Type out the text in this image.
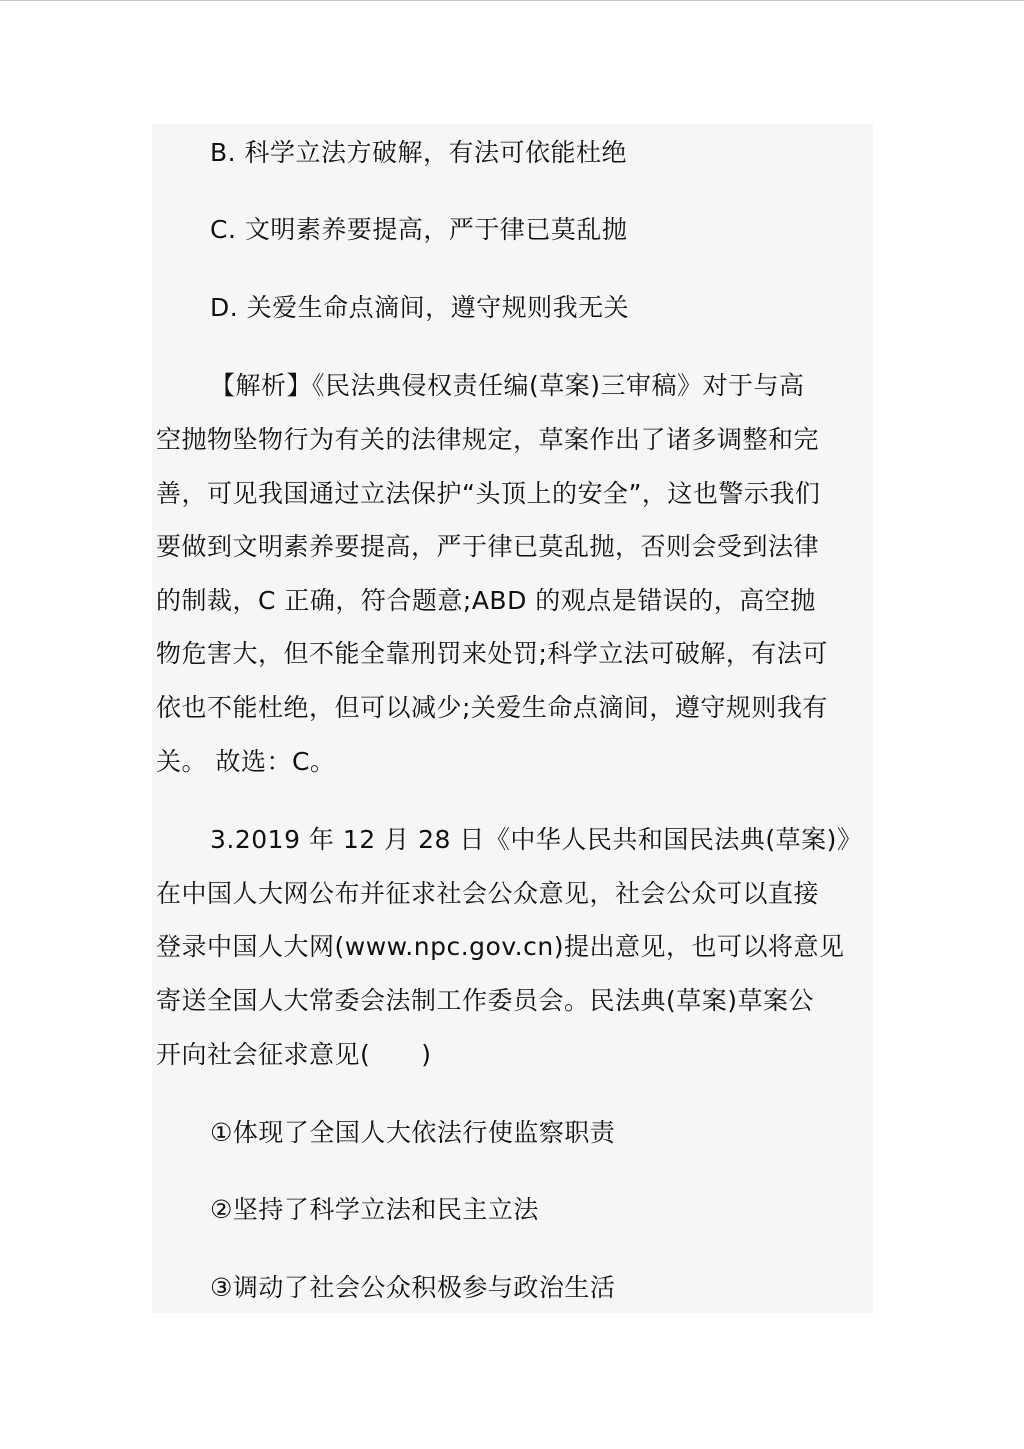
B. 科学立法方破解，有法可依能杜绝

C. 文明素养要提高，严于律已莫乱抛

D. 关爱生命点滴间，遵守规则我无关

【解析】《民法典侵权责任编(草案)三审稿》对于与高

空抛物坠物行为有关的法律规定，草案作出了诸多调整和完

善，可见我国通过立法保护“头顶上的安全”，这也警示我们

要做到文明素养要提高，严于律已莫乱抛，否则会受到法律

的制裁，C 正确，符合题意;ABD 的观点是错误的，高空抛

物危害大，但不能全靠刑罚来处罚;科学立法可破解，有法可

依也不能杜绝，但可以减少;关爱生命点滴间，遵守规则我有

关。 故选：C。

3.2019 年 12 月 28 日《中华人民共和国民法典(草案)》

在中国人大网公布并征求社会公众意见，社会公众可以直接

登录中国人大网(www.npc.gov.cn)提出意见，也可以将意见

寄送全国人大常委会法制工作委员会。民法典(草案)草案公

开向社会征求意见(　　)

①体现了全国人大依法行使监察职责

②坚持了科学立法和民主立法

③调动了社会公众积极参与政治生活
